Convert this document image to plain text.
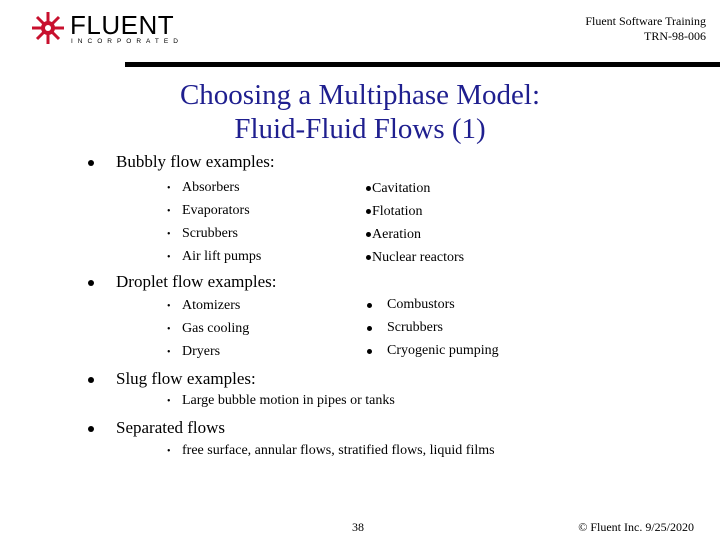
FLUENT
INCORPORATED
Fluent Software Training
TRN-98-006
Choosing a Multiphase Model:
Fluid-Fluid Flows (1)
Bubbly flow examples:
• Absorbers
• Evaporators
• Scrubbers
• Air lift pumps
Cavitation
Flotation
Aeration
Nuclear reactors
Droplet flow examples:
• Atomizers
• Gas cooling
• Dryers
Combustors
Scrubbers
Cryogenic pumping
Slug flow examples:
• Large bubble motion in pipes or tanks
Separated flows
• free surface, annular flows, stratified flows, liquid films
38	© Fluent Inc. 9/25/2020
